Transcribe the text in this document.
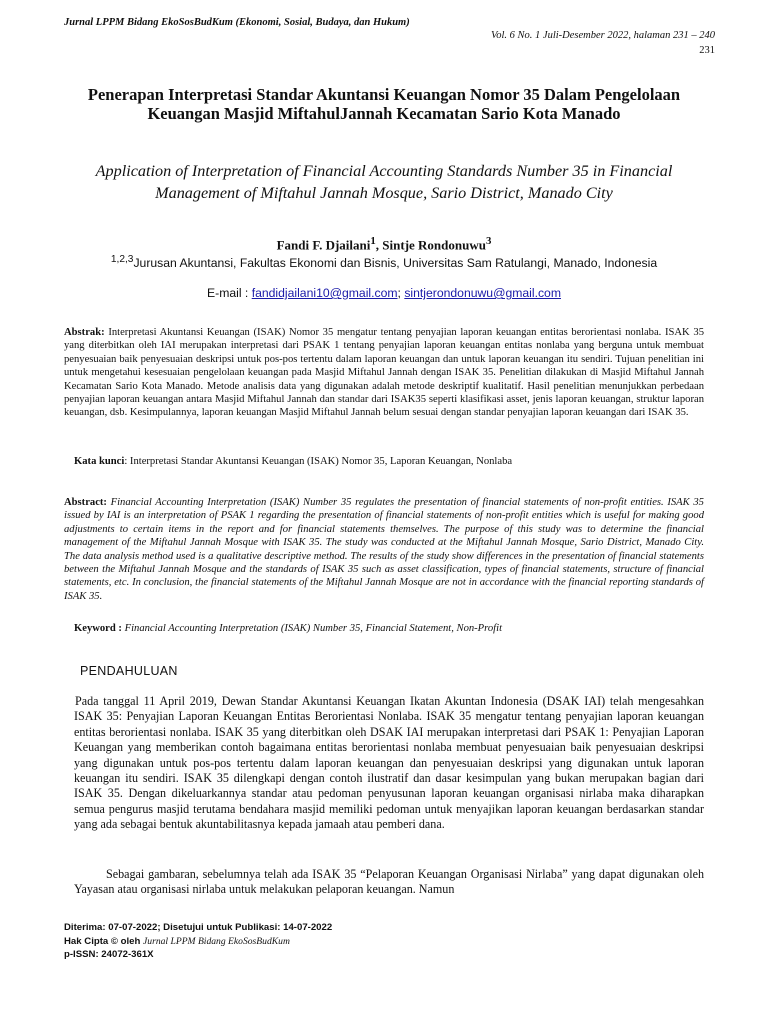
Jurnal LPPM Bidang EkoSosBudKum (Ekonomi, Sosial, Budaya, dan Hukum)
Vol. 6 No. 1 Juli-Desember 2022, halaman 231 – 240
231
Penerapan Interpretasi Standar Akuntansi Keuangan Nomor 35 Dalam Pengelolaan Keuangan Masjid MiftahulJannah Kecamatan Sario Kota Manado
Application of Interpretation of Financial Accounting Standards Number 35 in Financial Management of Miftahul Jannah Mosque, Sario District, Manado City
Fandi F. Djailani$^1$, Sintje Rondonuwu$^3$
$^{1,2,3}$Jurusan Akuntansi, Fakultas Ekonomi dan Bisnis, Universitas Sam Ratulangi, Manado, Indonesia
E-mail : fandidjailani10@gmail.com; sintjerondonuwu@gmail.com
Abstrak: Interpretasi Akuntansi Keuangan (ISAK) Nomor 35 mengatur tentang penyajian laporan keuangan entitas berorientasi nonlaba. ISAK 35 yang diterbitkan oleh IAI merupakan interpretasi dari PSAK 1 tentang penyajian laporan keuangan entitas nonlaba yang berguna untuk membuat penyesuaian baik penyesuaian deskripsi untuk pos-pos tertentu dalam laporan keuangan dan untuk laporan keuangan itu sendiri. Tujuan penelitian ini untuk mengetahui kesesuaian pengelolaan keuangan pada Masjid Miftahul Jannah dengan ISAK 35. Penelitian dilakukan di Masjid Miftahul Jannah Kecamatan Sario Kota Manado. Metode analisis data yang digunakan adalah metode deskriptif kualitatif. Hasil penelitian menunjukkan perbedaan penyajian laporan keuangan antara Masjid Miftahul Jannah dan standar dari ISAK35 seperti klasifikasi asset, jenis laporan keuangan, struktur laporan keuangan, dsb. Kesimpulannya, laporan keuangan Masjid Miftahul Jannah belum sesuai dengan standar penyajian laporan keuangan dari ISAK 35.
Kata kunci: Interpretasi Standar Akuntansi Keuangan (ISAK) Nomor 35, Laporan Keuangan, Nonlaba
Abstract: Financial Accounting Interpretation (ISAK) Number 35 regulates the presentation of financial statements of non-profit entities. ISAK 35 issued by IAI is an interpretation of PSAK 1 regarding the presentation of financial statements of non-profit entities which is useful for making good adjustments to certain items in the report and for financial statements themselves. The purpose of this study was to determine the financial management of the Miftahul Jannah Mosque with ISAK 35. The study was conducted at the Miftahul Jannah Mosque, Sario District, Manado City. The data analysis method used is a qualitative descriptive method. The results of the study show differences in the presentation of financial statements between the Miftahul Jannah Mosque and the standards of ISAK 35 such as asset classification, types of financial statements, structure of financial statements, etc. In conclusion, the financial statements of the Miftahul Jannah Mosque are not in accordance with the financial reporting standards of ISAK 35.
Keyword : Financial Accounting Interpretation (ISAK) Number 35, Financial Statement, Non-Profit
PENDAHULUAN
Pada tanggal 11 April 2019, Dewan Standar Akuntansi Keuangan Ikatan Akuntan Indonesia (DSAK IAI) telah mengesahkan ISAK 35: Penyajian Laporan Keuangan Entitas Berorientasi Nonlaba. ISAK 35 mengatur tentang penyajian laporan keuangan entitas berorientasi nonlaba. ISAK 35 yang diterbitkan oleh DSAK IAI merupakan interpretasi dari PSAK 1: Penyajian Laporan Keuangan yang memberikan contoh bagaimana entitas berorientasi nonlaba membuat penyesuaian baik penyesuaian deskripsi yang digunakan untuk pos-pos tertentu dalam laporan keuangan dan penyesuaian deskripsi yang digunakan untuk laporan keuangan itu sendiri. ISAK 35 dilengkapi dengan contoh ilustratif dan dasar kesimpulan yang bukan merupakan bagian dari ISAK 35. Dengan dikeluarkannya standar atau pedoman penyusunan laporan keuangan organisasi nirlaba maka diharapkan semua pengurus masjid terutama bendahara masjid memiliki pedoman untuk menyajikan laporan keuangan berdasarkan standar yang ada sebagai bentuk akuntabilitasnya kepada jamaah atau pemberi dana.
Sebagai gambaran, sebelumnya telah ada ISAK 35 “Pelaporan Keuangan Organisasi Nirlaba” yang dapat digunakan oleh Yayasan atau organisasi nirlaba untuk melakukan pelaporan keuangan. Namun
Diterima: 07-07-2022; Disetujui untuk Publikasi: 14-07-2022
Hak Cipta © oleh Jurnal LPPM Bidang EkoSosBudKum
p-ISSN: 24072-361X
